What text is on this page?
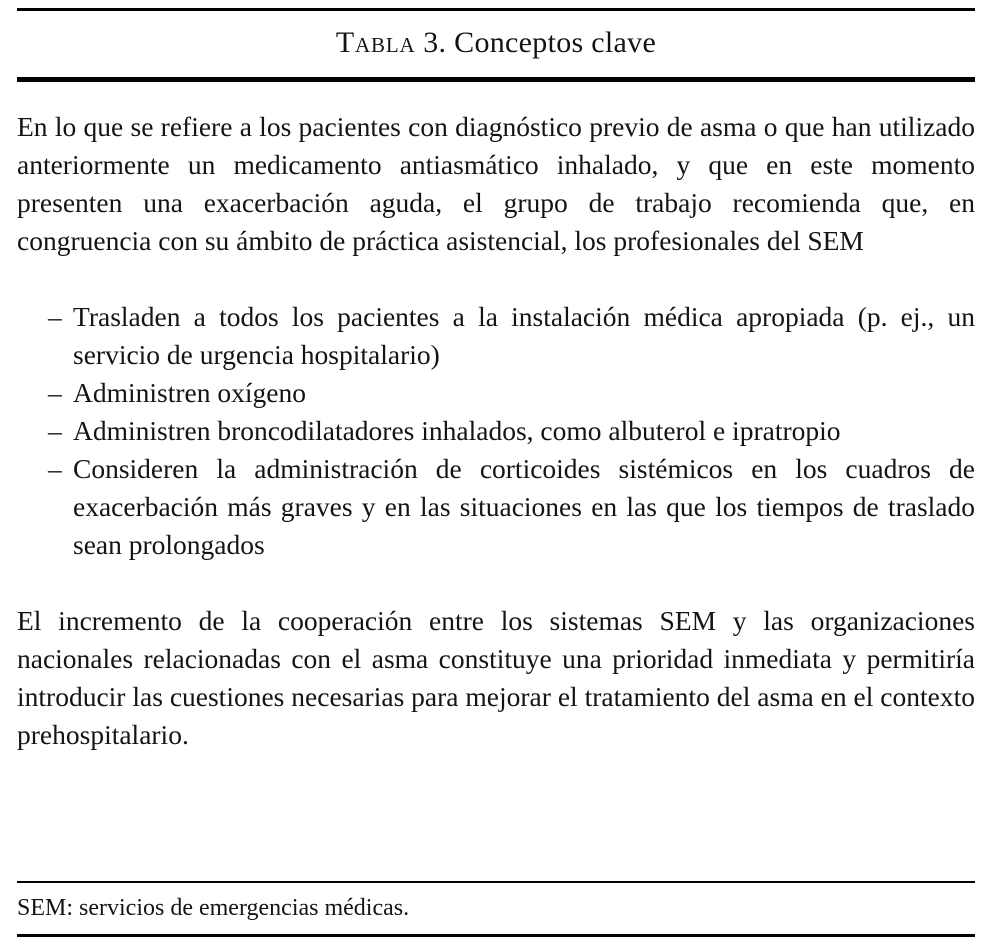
Tabla 3. Conceptos clave

En lo que se refiere a los pacientes con diagnóstico previo de asma o que han utilizado anteriormente un medicamento antiasmático inhalado, y que en este momento presenten una exacerbación aguda, el grupo de trabajo recomienda que, en congruencia con su ámbito de práctica asistencial, los profesionales del SEM

– Trasladen a todos los pacientes a la instalación médica apropiada (p. ej., un servicio de urgencia hospitalario)
– Administren oxígeno
– Administren broncodilatadores inhalados, como albuterol e ipratropio
– Consideren la administración de corticoides sistémicos en los cuadros de exacerbación más graves y en las situaciones en las que los tiempos de traslado sean prolongados

El incremento de la cooperación entre los sistemas SEM y las organizaciones nacionales relacionadas con el asma constituye una prioridad inmediata y permitiría introducir las cuestiones necesarias para mejorar el tratamiento del asma en el contexto prehospitalario.

SEM: servicios de emergencias médicas.
